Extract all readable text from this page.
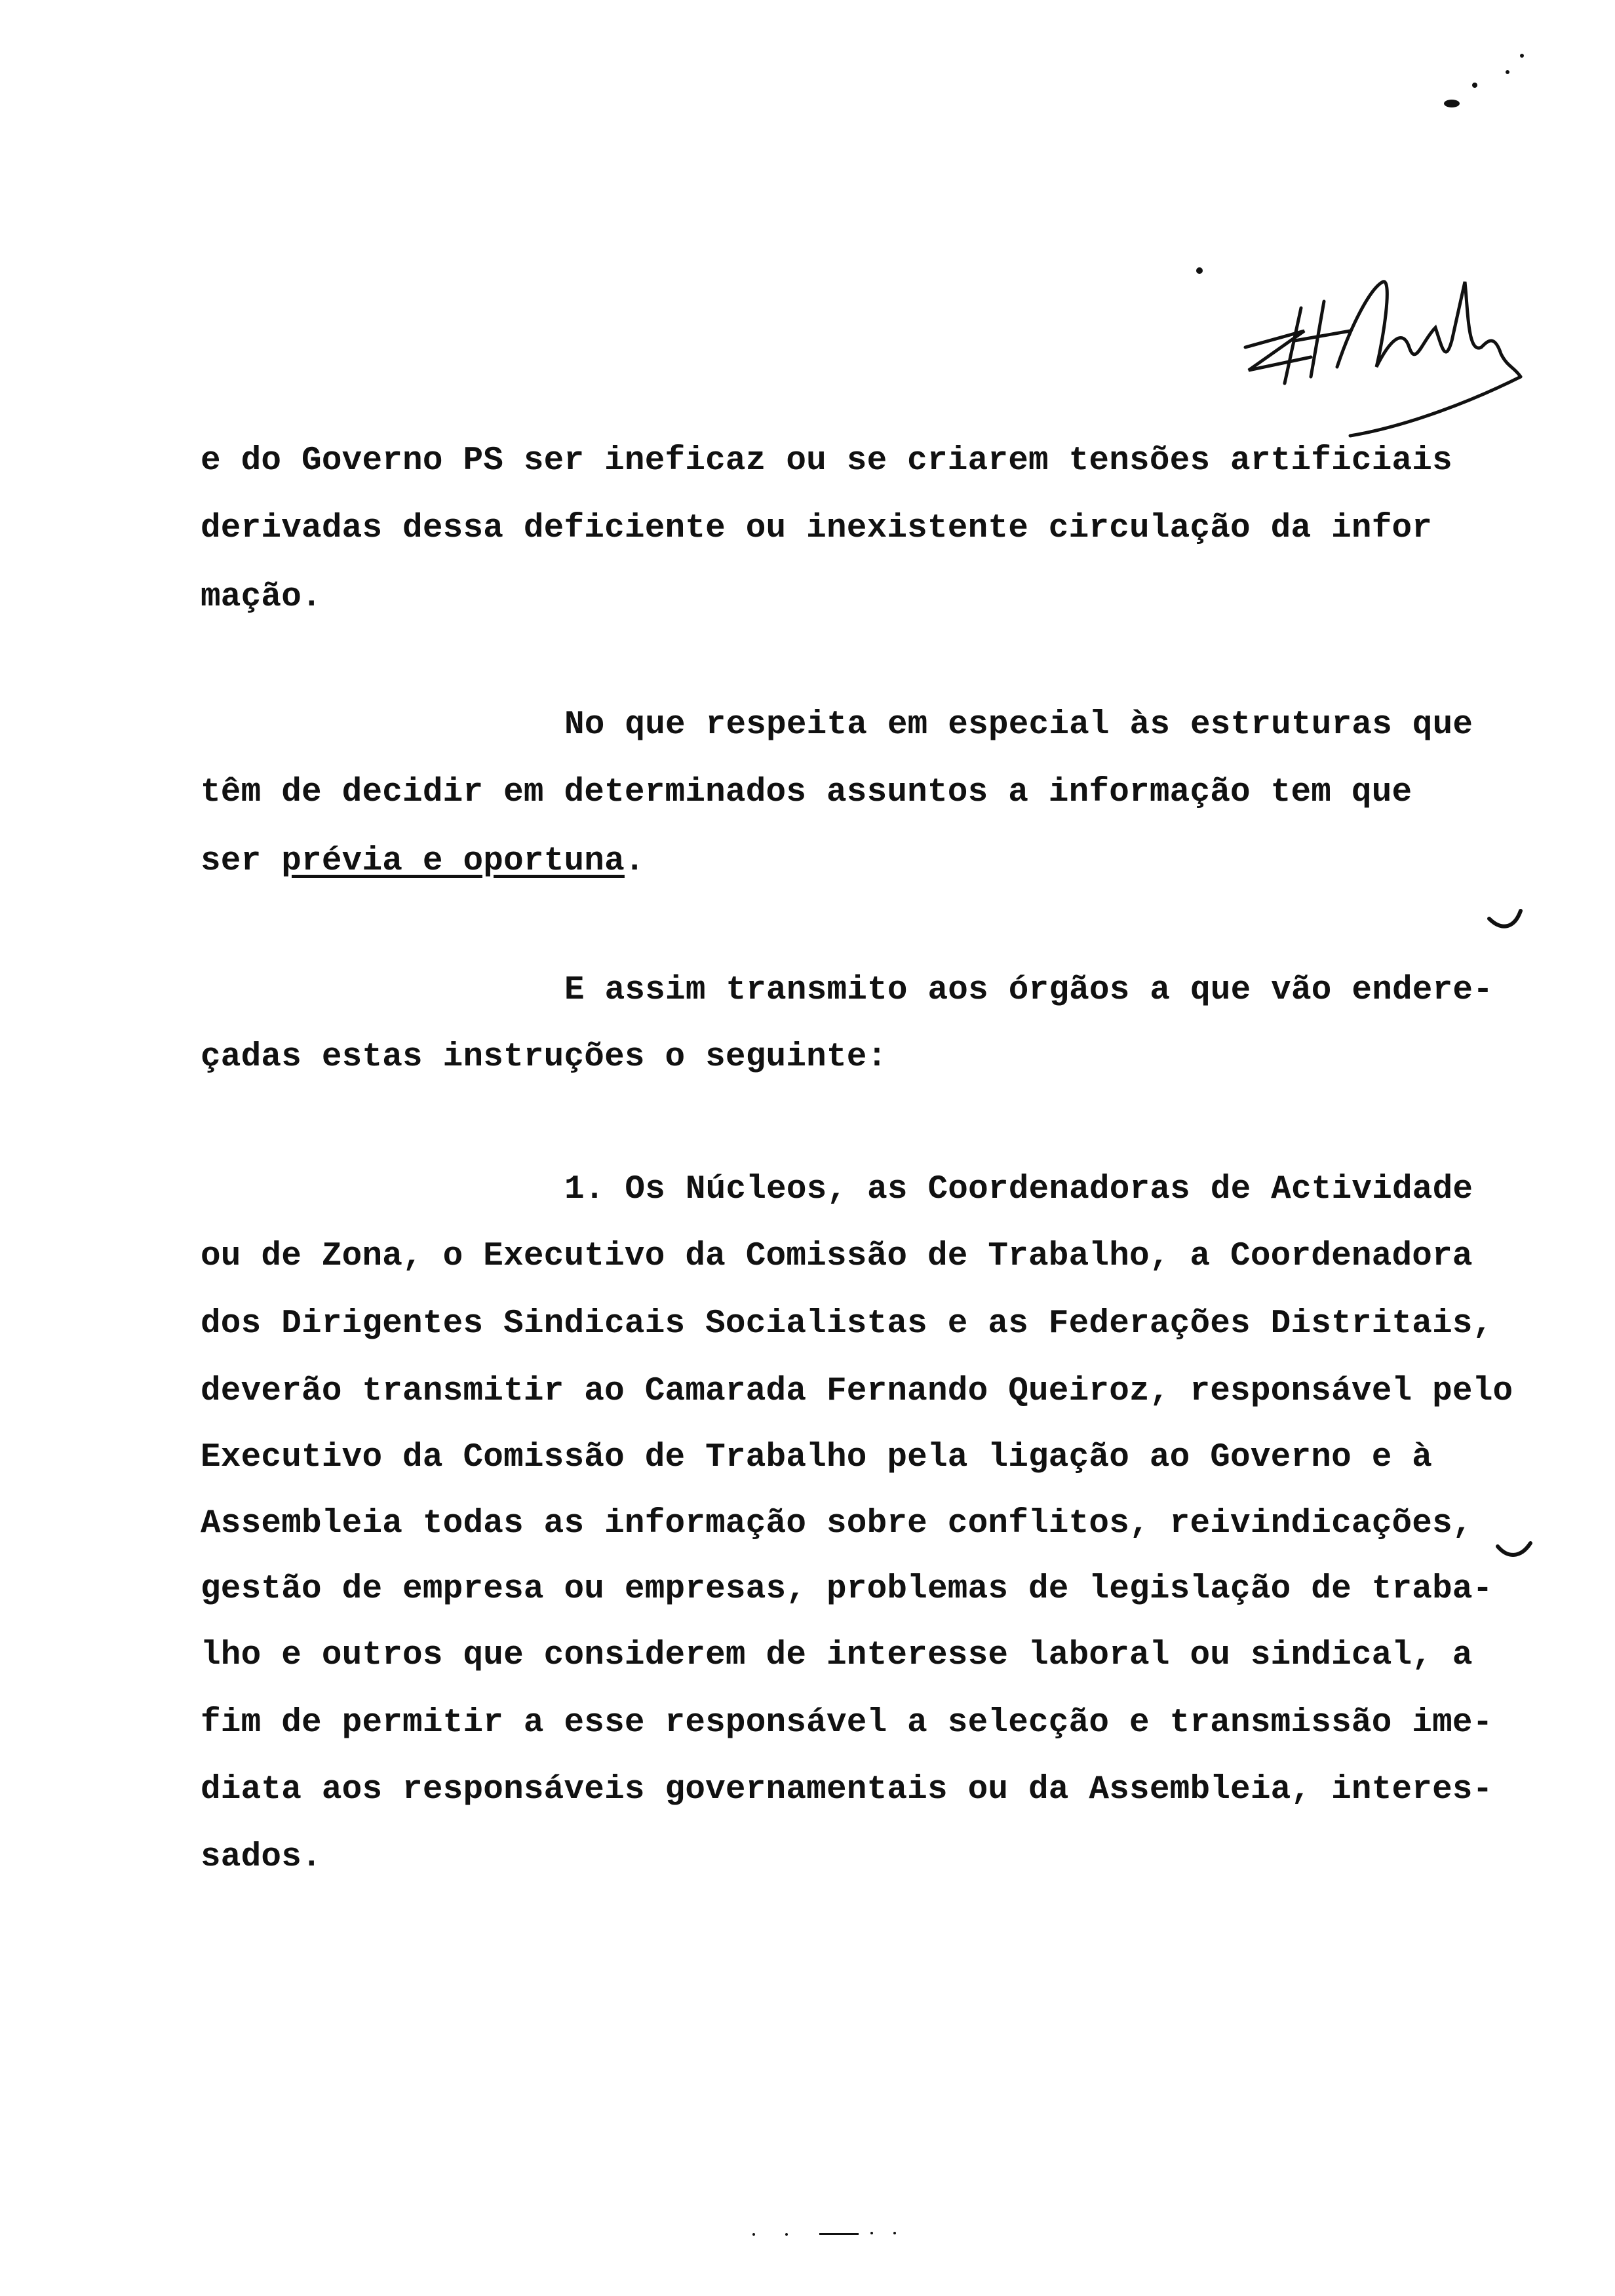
e do Governo PS ser ineficaz ou se criarem tensões artificiais
derivadas dessa deficiente ou inexistente circulação da infor
mação.
No que respeita em especial às estruturas que
têm de decidir em determinados assuntos a informação tem que
ser prévia e oportuna.
E assim transmito aos órgãos a que vão endere-
çadas estas instruções o seguinte:
1. Os Núcleos, as Coordenadoras de Actividade
ou de Zona, o Executivo da Comissão de Trabalho, a Coordenadora
dos Dirigentes Sindicais Socialistas e as Federações Distritais,
deverão transmitir ao Camarada Fernando Queiroz, responsável pelo
Executivo da Comissão de Trabalho pela ligação ao Governo e à
Assembleia todas as informação sobre conflitos, reivindicações,
gestão de empresa ou empresas, problemas de legislação de traba-
lho e outros que considerem de interesse laboral ou sindical, a
fim de permitir a esse responsável a selecção e transmissão ime-
diata aos responsáveis governamentais ou da Assembleia, interes-
sados.
